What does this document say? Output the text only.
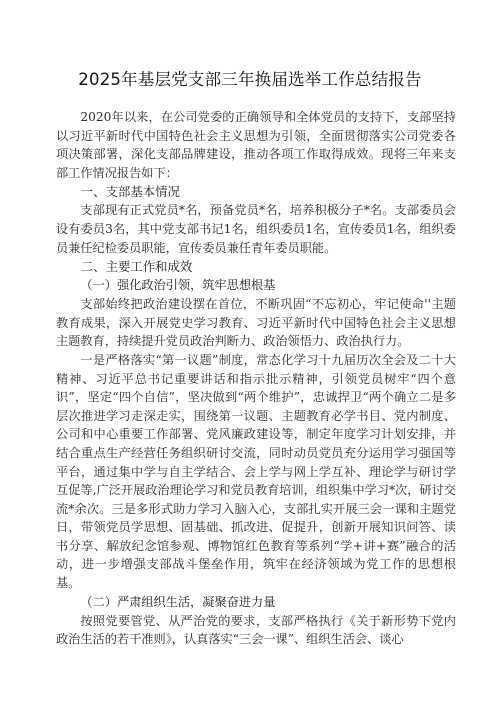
2025年基层党支部三年换届选举工作总结报告

2020年以来，在公司党委的正确领导和全体党员的支持下，支部坚持以习近平新时代中国特色社会主义思想为引领，全面贯彻落实公司党委各项决策部署，深化支部品牌建设，推动各项工作取得成效。现将三年来支部工作情况报告如下：

一、支部基本情况

支部现有正式党员*名，预备党员*名，培养积极分子*名。支部委员会设有委员3名，其中党支部书记1名，组织委员1名，宣传委员1名，组织委员兼任纪检委员职能，宣传委员兼任青年委员职能。

二、主要工作和成效
（一）强化政治引领，筑牢思想根基

支部始终把政治建设摆在首位，不断巩固“不忘初心，牢记使命''主题教育成果，深入开展党史学习教育、习近平新时代中国特色社会主义思想主题教育，持续提升党员政治判断力、政治领悟力、政治执行力。

一是严格落实“第一议题”制度，常态化学习十九届历次全会及二十大精神、习近平总书记重要讲话和指示批示精神，引领党员树牢“四个意识”，坚定“四个自信”，坚决做到“两个维护”，忠诚捍卫“两个确立二是多层次推进学习走深走实，围绕第一议题、主题教育必学书目、党内制度、公司和中心重要工作部署、党风廉政建设等，制定年度学习计划安排，并结合重点生产经营任务组织研讨交流，同时动员党员充分运用学习强国等平台，通过集中学与自主学结合、会上学与网上学互补、理论学与研讨学互促等,广泛开展政治理论学习和党员教育培训，组织集中学习*次，研讨交流*余次。三是多形式助力学习入脑入心，支部扎实开展三会一课和主题党日，带领党员学思想、固基础、抓改进、促提升，创新开展知识问答、读书分享、解放纪念馆参观、博物馆红色教育等系列“学+讲+赛”融合的活动，进一步增强支部战斗堡垒作用，筑牢在经济领域为党工作的思想根基。

（二）严肃组织生活，凝聚奋进力量

按照党要管党、从严治党的要求，支部严格执行《关于新形势下党内政治生活的若干准则》，认真落实“三会一课”、组织生活会、谈心
